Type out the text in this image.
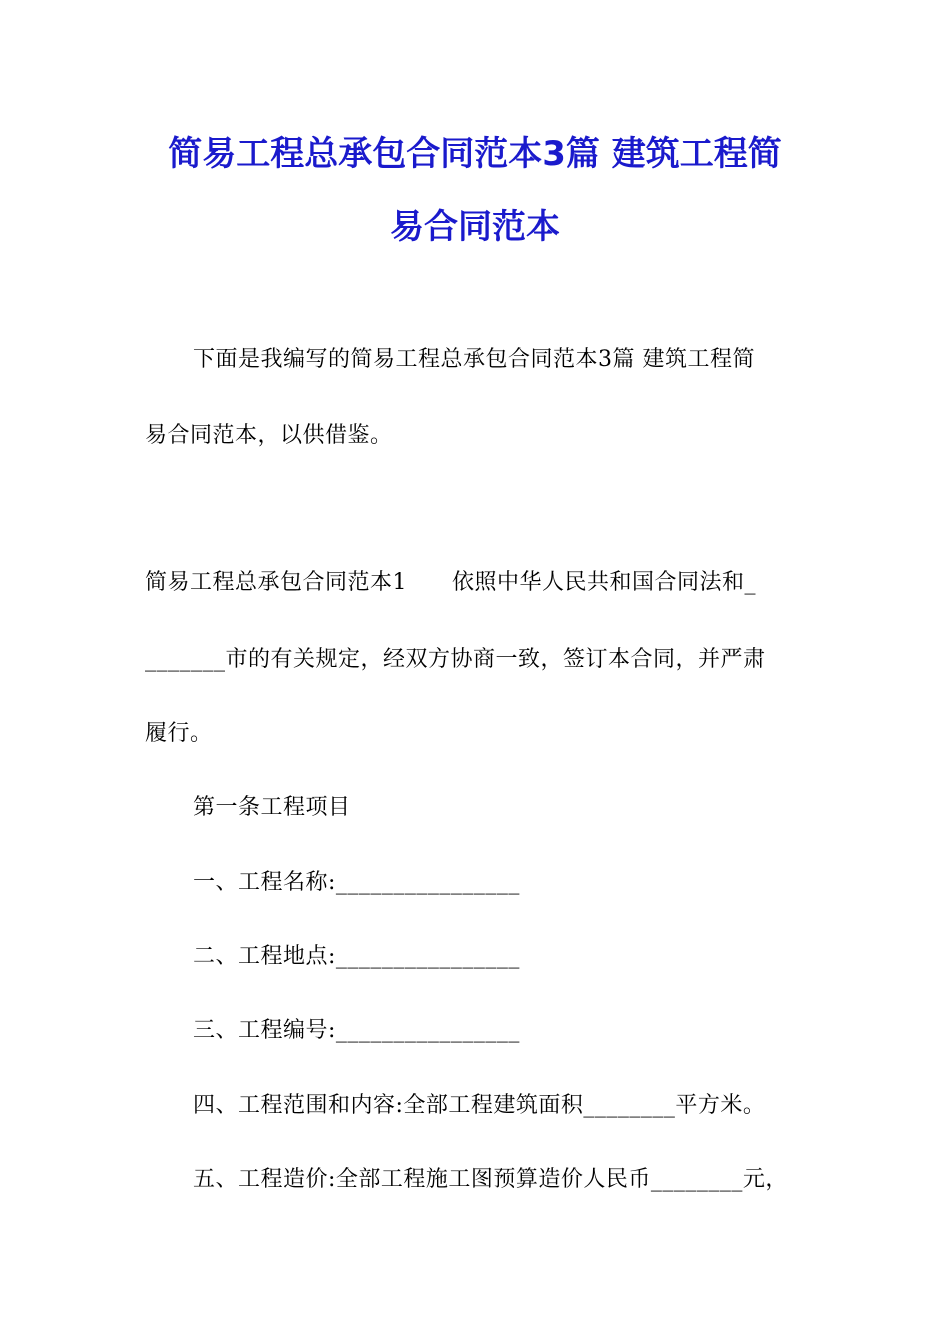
简易工程总承包合同范本3篇 建筑工程简
易合同范本
下面是我编写的简易工程总承包合同范本3篇 建筑工程简
易合同范本，以供借鉴。
简易工程总承包合同范本1　　依照中华人民共和国合同法和_
_______市的有关规定，经双方协商一致，签订本合同，并严肃
履行。
第一条工程项目
一、工程名称:________________
二、工程地点:________________
三、工程编号:________________
四、工程范围和内容:全部工程建筑面积________平方米。
五、工程造价:全部工程施工图预算造价人民币________元，
